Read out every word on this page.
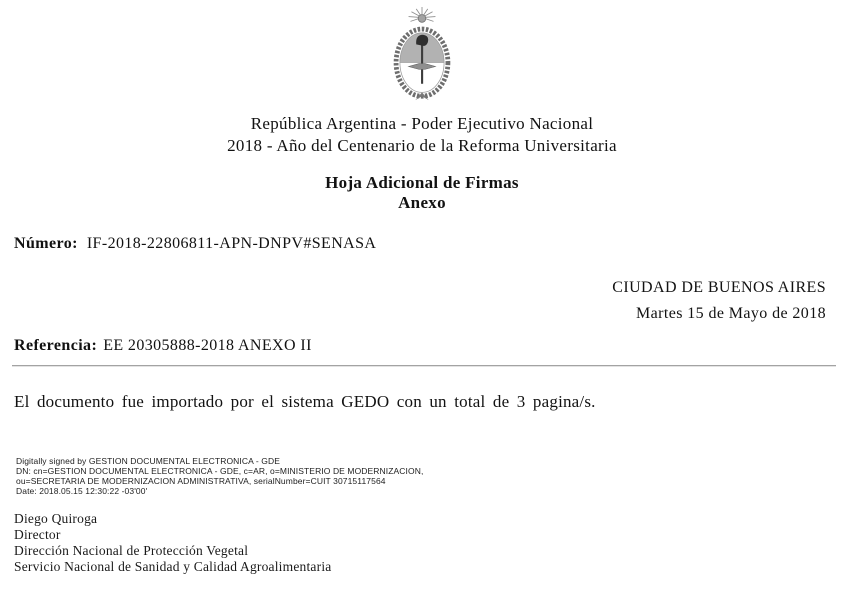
República Argentina - Poder Ejecutivo Nacional
2018 - Año del Centenario de la Reforma Universitaria
Hoja Adicional de Firmas
Anexo
Número: IF-2018-22806811-APN-DNPV#SENASA
CIUDAD DE BUENOS AIRES
Martes 15 de Mayo de 2018
Referencia: EE 20305888-2018 ANEXO II
El documento fue importado por el sistema GEDO con un total de 3 pagina/s.
Digitally signed by GESTION DOCUMENTAL ELECTRONICA - GDE
DN: cn=GESTION DOCUMENTAL ELECTRONICA - GDE, c=AR, o=MINISTERIO DE MODERNIZACION,
ou=SECRETARIA DE MODERNIZACION ADMINISTRATIVA, serialNumber=CUIT 30715117564
Date: 2018.05.15 12:30:22 -03'00'
Diego Quiroga
Director
Dirección Nacional de Protección Vegetal
Servicio Nacional de Sanidad y Calidad Agroalimentaria
